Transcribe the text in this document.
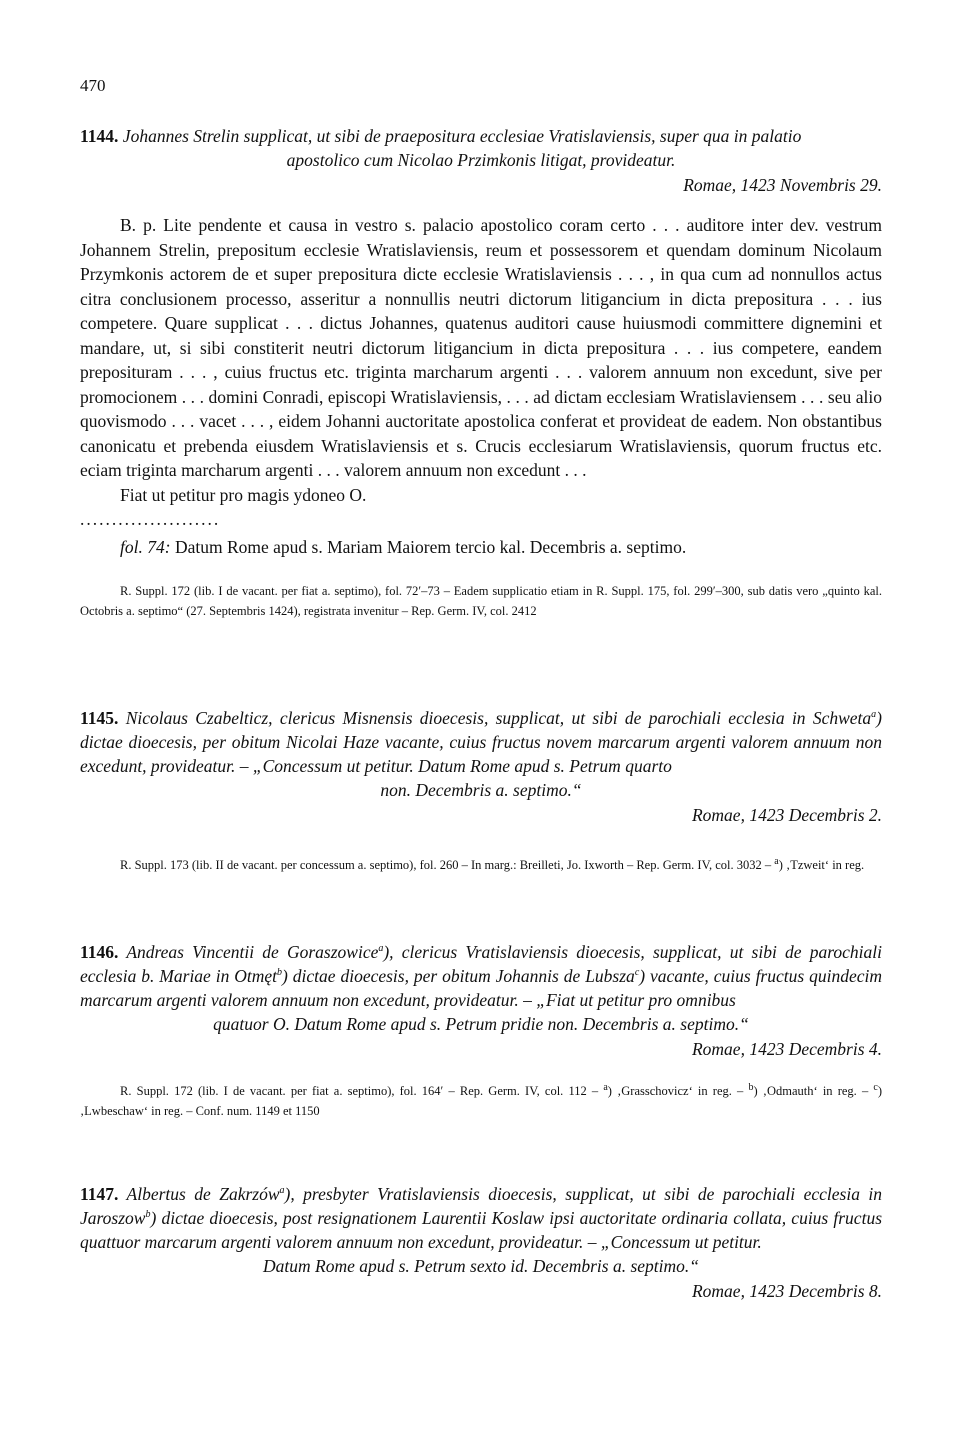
470
1144. Johannes Strelin supplicat, ut sibi de praepositura ecclesiae Vratislaviensis, super qua in palatio
apostolico cum Nicolao Przimkonis litigat, provideatur.
Romae, 1423 Novembris 29.
B. p. Lite pendente et causa in vestro s. palacio apostolico coram certo . . . auditore inter dev. vestrum Johannem Strelin, prepositum ecclesie Wratislaviensis, reum et possessorem et quendam dominum Nicolaum Przymkonis actorem de et super prepositura dicte ecclesie Wratislaviensis . . . , in qua cum ad nonnullos actus citra conclusionem processo, asseritur a nonnullis neutri dictorum litigancium in dicta prepositura . . . ius competere. Quare supplicat . . . dictus Johannes, quatenus auditori cause huiusmodi committere dignemini et mandare, ut, si sibi constiterit neutri dictorum litigancium in dicta prepositura . . . ius competere, eandem preposituram . . . , cuius fructus etc. triginta marcharum argenti . . . valorem annuum non excedunt, sive per promocionem . . . domini Conradi, episcopi Wratislaviensis, . . . ad dictam ecclesiam Wratislaviensem . . . seu alio quovismodo . . . vacet . . . , eidem Johanni auctoritate apostolica conferat et provideat de eadem. Non obstantibus canonicatu et prebenda eiusdem Wratislaviensis et s. Crucis ecclesiarum Wratislaviensis, quorum fructus etc. eciam triginta marcharum argenti . . . valorem annuum non excedunt . . .
Fiat ut petitur pro magis ydoneo O.
......................
fol. 74: Datum Rome apud s. Mariam Maiorem tercio kal. Decembris a. septimo.
R. Suppl. 172 (lib. I de vacant. per fiat a. septimo), fol. 72′–73 – Eadem supplicatio etiam in R. Suppl. 175, fol. 299′–300, sub datis vero „quinto kal. Octobris a. septimo“ (27. Septembris 1424), registrata invenitur – Rep. Germ. IV, col. 2412
1145. Nicolaus Czabelticz, clericus Misnensis dioecesis, supplicat, ut sibi de parochiali ecclesia in Schweta$^a$) dictae dioecesis, per obitum Nicolai Haze vacante, cuius fructus novem marcarum argenti valorem annuum non excedunt, provideatur. – „Concessum ut petitur. Datum Rome apud s. Petrum quarto
non. Decembris a. septimo.“
Romae, 1423 Decembris 2.
R. Suppl. 173 (lib. II de vacant. per concessum a. septimo), fol. 260 – In marg.: Breilleti, Jo. Ixworth – Rep. Germ. IV, col. 3032 – $^a$) ‚Tzweit‘ in reg.
1146. Andreas Vincentii de Goraszowice$^a$), clericus Vratislaviensis dioecesis, supplicat, ut sibi de parochiali ecclesia b. Mariae in Otmęt$^b$) dictae dioecesis, per obitum Johannis de Lubsza$^c$) vacante, cuius fructus quindecim marcarum argenti valorem annuum non excedunt, provideatur. – „Fiat ut petitur pro omnibus
quatuor O. Datum Rome apud s. Petrum pridie non. Decembris a. septimo.“
Romae, 1423 Decembris 4.
R. Suppl. 172 (lib. I de vacant. per fiat a. septimo), fol. 164′ – Rep. Germ. IV, col. 112 – $^a$) ‚Grasschovicz‘ in reg. – $^b$) ‚Odmauth‘ in reg. – $^c$) ‚Lwbeschaw‘ in reg. – Conf. num. 1149 et 1150
1147. Albertus de Zakrzów$^a$), presbyter Vratislaviensis dioecesis, supplicat, ut sibi de parochiali ecclesia in Jaroszow$^b$) dictae dioecesis, post resignationem Laurentii Koslaw ipsi auctoritate ordinaria collata, cuius fructus quattuor marcarum argenti valorem annuum non excedunt, provideatur. – „Concessum ut petitur.
Datum Rome apud s. Petrum sexto id. Decembris a. septimo.“
Romae, 1423 Decembris 8.
